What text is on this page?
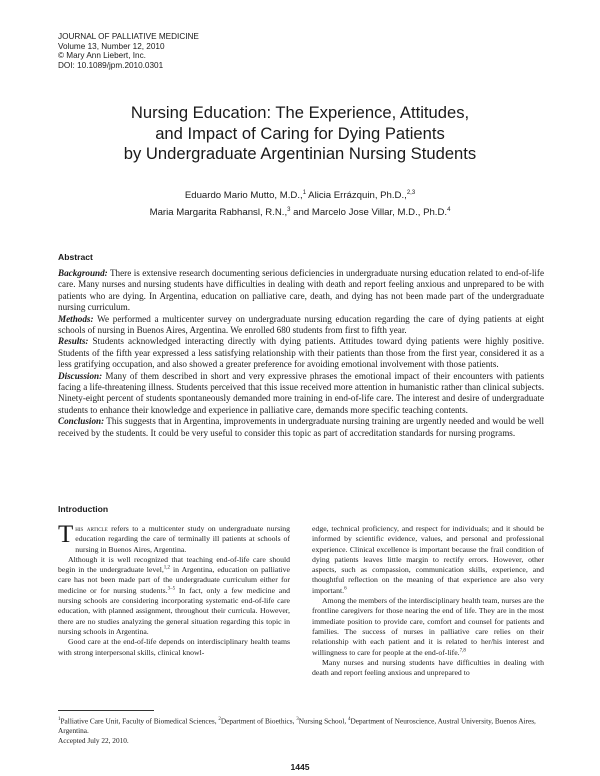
JOURNAL OF PALLIATIVE MEDICINE
Volume 13, Number 12, 2010
© Mary Ann Liebert, Inc.
DOI: 10.1089/jpm.2010.0301
Nursing Education: The Experience, Attitudes,
and Impact of Caring for Dying Patients
by Undergraduate Argentinian Nursing Students
Eduardo Mario Mutto, M.D.,$^1$ Alicia Errázquin, Ph.D.,$^{2,3}$
Maria Margarita Rabhansl, R.N.,$^3$ and Marcelo Jose Villar, M.D., Ph.D.$^4$
Abstract

Background: There is extensive research documenting serious deficiencies in undergraduate nursing education related to end-of-life care. Many nurses and nursing students have difficulties in dealing with death and report feeling anxious and unprepared to be with patients who are dying. In Argentina, education on palliative care, death, and dying has not been made part of the undergraduate nursing curriculum.

Methods: We performed a multicenter survey on undergraduate nursing education regarding the care of dying patients at eight schools of nursing in Buenos Aires, Argentina. We enrolled 680 students from first to fifth year.

Results: Students acknowledged interacting directly with dying patients. Attitudes toward dying patients were highly positive. Students of the fifth year expressed a less satisfying relationship with their patients than those from the first year, considered it as a less gratifying occupation, and also showed a greater preference for avoiding emotional involvement with those patients.

Discussion: Many of them described in short and very expressive phrases the emotional impact of their encounters with patients facing a life-threatening illness. Students perceived that this issue received more attention in humanistic rather than clinical subjects. Ninety-eight percent of students spontaneously demanded more training in end-of-life care. The interest and desire of undergraduate students to enhance their knowledge and experience in palliative care, demands more specific teaching contents.

Conclusion: This suggests that in Argentina, improvements in undergraduate nursing training are urgently needed and would be well received by the students. It could be very useful to consider this topic as part of accreditation standards for nursing programs.

Introduction

This article refers to a multicenter study on undergraduate nursing education regarding the care of terminally ill patients at schools of nursing in Buenos Aires, Argentina.

Although it is well recognized that teaching end-of-life care should begin in the undergraduate level,$^{1,2}$ in Argentina, education on palliative care has not been made part of the undergraduate curriculum either for medicine or for nursing students.$^{3-5}$ In fact, only a few medicine and nursing schools are considering incorporating systematic end-of-life care education, with planned assignment, throughout their curricula. However, there are no studies analyzing the general situation regarding this topic in nursing schools in Argentina.

Good care at the end-of-life depends on interdisciplinary health teams with strong interpersonal skills, clinical knowl-

edge, technical proficiency, and respect for individuals; and it should be informed by scientific evidence, values, and personal and professional experience. Clinical excellence is important because the frail condition of dying patients leaves little margin to rectify errors. However, other aspects, such as compassion, communication skills, experience, and thoughtful reflection on the meaning of that experience are also very important.$^6$

Among the members of the interdisciplinary health team, nurses are the frontline caregivers for those nearing the end of life. They are in the most immediate position to provide care, comfort and counsel for patients and families. The success of nurses in palliative care relies on their relationship with each patient and it is related to her/his interest and willingness to care for people at the end-of-life.$^{7,8}$

Many nurses and nursing students have difficulties in dealing with death and report feeling anxious and unprepared to

$^1$Palliative Care Unit, Faculty of Biomedical Sciences, $^2$Department of Bioethics, $^3$Nursing School, $^4$Department of Neuroscience, Austral University, Buenos Aires, Argentina.

Accepted July 22, 2010.

1445
